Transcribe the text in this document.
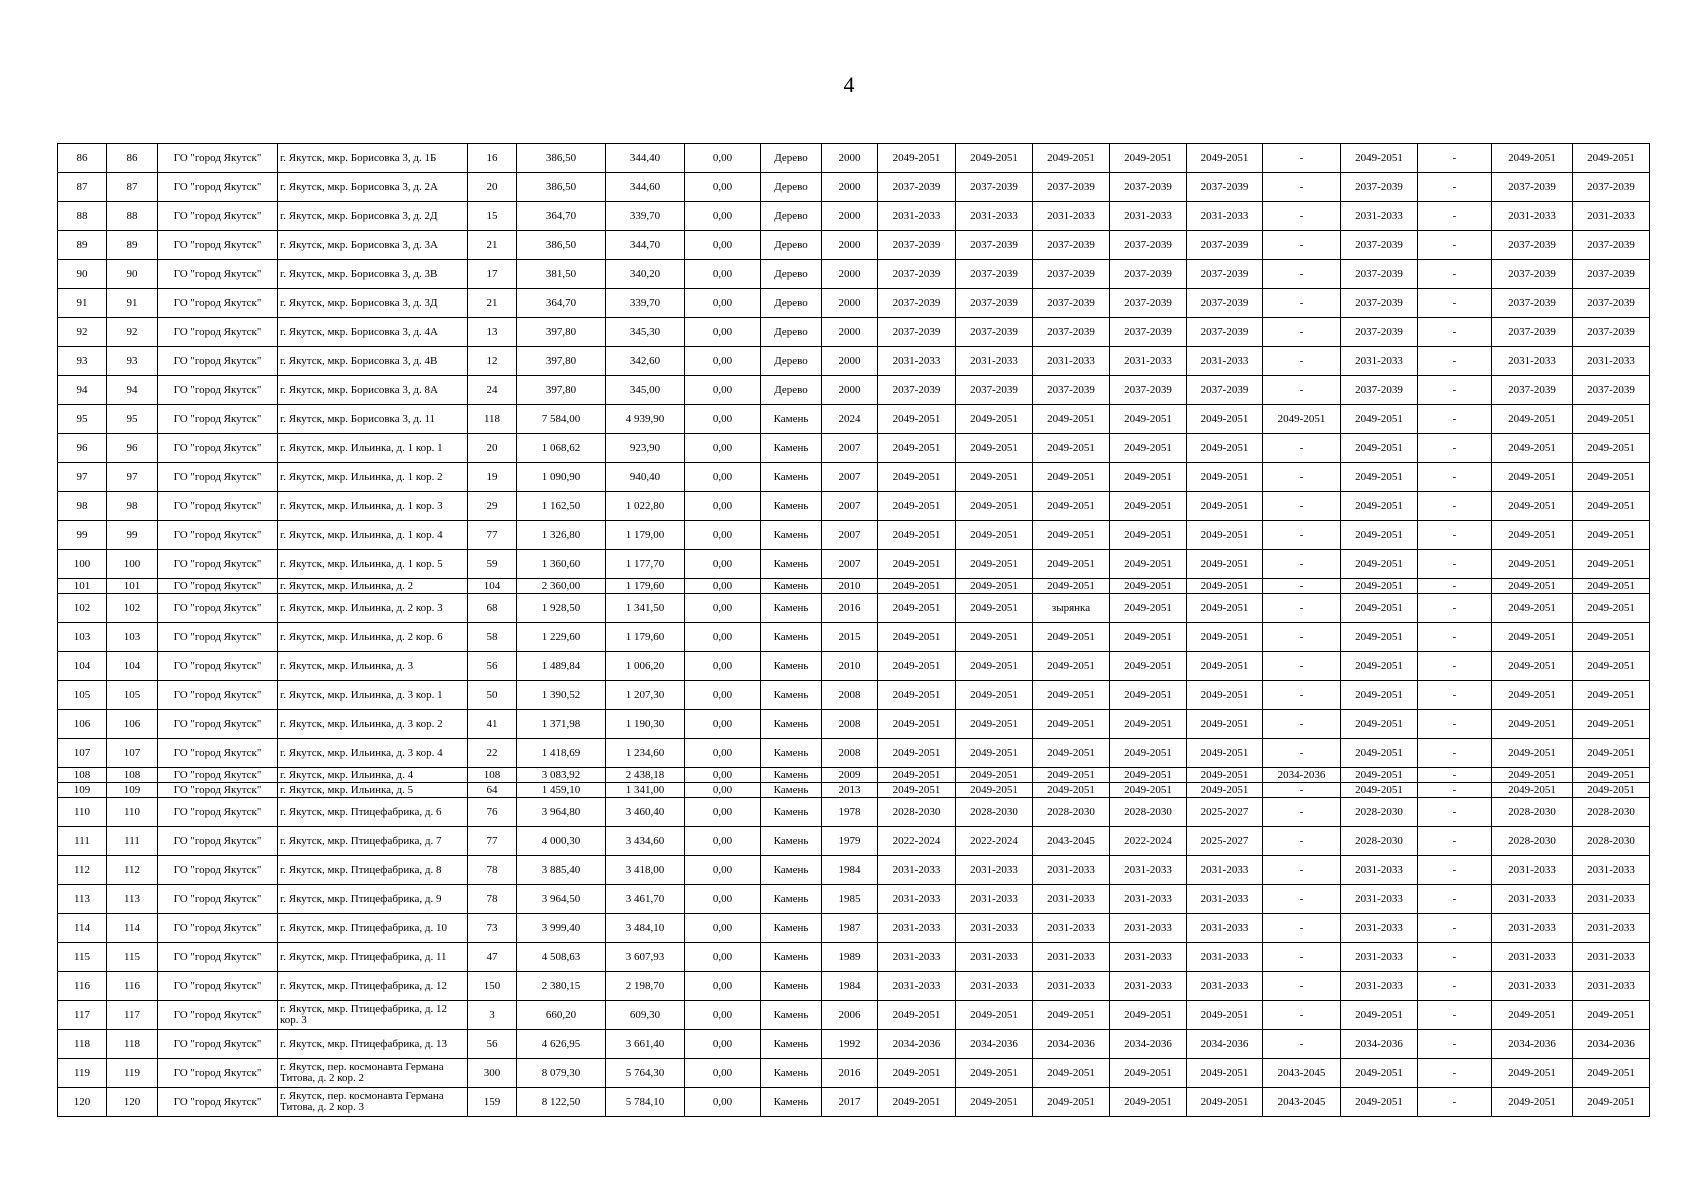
4
86	86	ГО "город Якутск"	г. Якутск, мкр. Борисовка 3, д. 1Б	16	386,50	344,40	0,00	Дерево	2000	2049-2051	2049-2051	2049-2051	2049-2051	2049-2051	-	2049-2051	-	2049-2051	2049-2051
87	87	ГО "город Якутск"	г. Якутск, мкр. Борисовка 3, д. 2А	20	386,50	344,60	0,00	Дерево	2000	2037-2039	2037-2039	2037-2039	2037-2039	2037-2039	-	2037-2039	-	2037-2039	2037-2039
88	88	ГО "город Якутск"	г. Якутск, мкр. Борисовка 3, д. 2Д	15	364,70	339,70	0,00	Дерево	2000	2031-2033	2031-2033	2031-2033	2031-2033	2031-2033	-	2031-2033	-	2031-2033	2031-2033
89	89	ГО "город Якутск"	г. Якутск, мкр. Борисовка 3, д. 3А	21	386,50	344,70	0,00	Дерево	2000	2037-2039	2037-2039	2037-2039	2037-2039	2037-2039	-	2037-2039	-	2037-2039	2037-2039
90	90	ГО "город Якутск"	г. Якутск, мкр. Борисовка 3, д. 3В	17	381,50	340,20	0,00	Дерево	2000	2037-2039	2037-2039	2037-2039	2037-2039	2037-2039	-	2037-2039	-	2037-2039	2037-2039
91	91	ГО "город Якутск"	г. Якутск, мкр. Борисовка 3, д. 3Д	21	364,70	339,70	0,00	Дерево	2000	2037-2039	2037-2039	2037-2039	2037-2039	2037-2039	-	2037-2039	-	2037-2039	2037-2039
92	92	ГО "город Якутск"	г. Якутск, мкр. Борисовка 3, д. 4А	13	397,80	345,30	0,00	Дерево	2000	2037-2039	2037-2039	2037-2039	2037-2039	2037-2039	-	2037-2039	-	2037-2039	2037-2039
93	93	ГО "город Якутск"	г. Якутск, мкр. Борисовка 3, д. 4В	12	397,80	342,60	0,00	Дерево	2000	2031-2033	2031-2033	2031-2033	2031-2033	2031-2033	-	2031-2033	-	2031-2033	2031-2033
94	94	ГО "город Якутск"	г. Якутск, мкр. Борисовка 3, д. 8А	24	397,80	345,00	0,00	Дерево	2000	2037-2039	2037-2039	2037-2039	2037-2039	2037-2039	-	2037-2039	-	2037-2039	2037-2039
95	95	ГО "город Якутск"	г. Якутск, мкр. Борисовка 3, д. 11	118	7 584,00	4 939,90	0,00	Камень	2024	2049-2051	2049-2051	2049-2051	2049-2051	2049-2051	2049-2051	2049-2051	-	2049-2051	2049-2051
96	96	ГО "город Якутск"	г. Якутск, мкр. Ильинка, д. 1 кор. 1	20	1 068,62	923,90	0,00	Камень	2007	2049-2051	2049-2051	2049-2051	2049-2051	2049-2051	-	2049-2051	-	2049-2051	2049-2051
97	97	ГО "город Якутск"	г. Якутск, мкр. Ильинка, д. 1 кор. 2	19	1 090,90	940,40	0,00	Камень	2007	2049-2051	2049-2051	2049-2051	2049-2051	2049-2051	-	2049-2051	-	2049-2051	2049-2051
98	98	ГО "город Якутск"	г. Якутск, мкр. Ильинка, д. 1 кор. 3	29	1 162,50	1 022,80	0,00	Камень	2007	2049-2051	2049-2051	2049-2051	2049-2051	2049-2051	-	2049-2051	-	2049-2051	2049-2051
99	99	ГО "город Якутск"	г. Якутск, мкр. Ильинка, д. 1 кор. 4	77	1 326,80	1 179,00	0,00	Камень	2007	2049-2051	2049-2051	2049-2051	2049-2051	2049-2051	-	2049-2051	-	2049-2051	2049-2051
100	100	ГО "город Якутск"	г. Якутск, мкр. Ильинка, д. 1 кор. 5	59	1 360,60	1 177,70	0,00	Камень	2007	2049-2051	2049-2051	2049-2051	2049-2051	2049-2051	-	2049-2051	-	2049-2051	2049-2051
101	101	ГО "город Якутск"	г. Якутск, мкр. Ильинка, д. 2	104	2 360,00	1 179,60	0,00	Камень	2010	2049-2051	2049-2051	2049-2051	2049-2051	2049-2051	-	2049-2051	-	2049-2051	2049-2051
102	102	ГО "город Якутск"	г. Якутск, мкр. Ильинка, д. 2 кор. 3	68	1 928,50	1 341,50	0,00	Камень	2016	2049-2051	2049-2051	зырянка	2049-2051	2049-2051	-	2049-2051	-	2049-2051	2049-2051
103	103	ГО "город Якутск"	г. Якутск, мкр. Ильинка, д. 2 кор. 6	58	1 229,60	1 179,60	0,00	Камень	2015	2049-2051	2049-2051	2049-2051	2049-2051	2049-2051	-	2049-2051	-	2049-2051	2049-2051
104	104	ГО "город Якутск"	г. Якутск, мкр. Ильинка, д. 3	56	1 489,84	1 006,20	0,00	Камень	2010	2049-2051	2049-2051	2049-2051	2049-2051	2049-2051	-	2049-2051	-	2049-2051	2049-2051
105	105	ГО "город Якутск"	г. Якутск, мкр. Ильинка, д. 3 кор. 1	50	1 390,52	1 207,30	0,00	Камень	2008	2049-2051	2049-2051	2049-2051	2049-2051	2049-2051	-	2049-2051	-	2049-2051	2049-2051
106	106	ГО "город Якутск"	г. Якутск, мкр. Ильинка, д. 3 кор. 2	41	1 371,98	1 190,30	0,00	Камень	2008	2049-2051	2049-2051	2049-2051	2049-2051	2049-2051	-	2049-2051	-	2049-2051	2049-2051
107	107	ГО "город Якутск"	г. Якутск, мкр. Ильинка, д. 3 кор. 4	22	1 418,69	1 234,60	0,00	Камень	2008	2049-2051	2049-2051	2049-2051	2049-2051	2049-2051	-	2049-2051	-	2049-2051	2049-2051
108	108	ГО "город Якутск"	г. Якутск, мкр. Ильинка, д. 4	108	3 083,92	2 438,18	0,00	Камень	2009	2049-2051	2049-2051	2049-2051	2049-2051	2049-2051	2034-2036	2049-2051	-	2049-2051	2049-2051
109	109	ГО "город Якутск"	г. Якутск, мкр. Ильинка, д. 5	64	1 459,10	1 341,00	0,00	Камень	2013	2049-2051	2049-2051	2049-2051	2049-2051	2049-2051	-	2049-2051	-	2049-2051	2049-2051
110	110	ГО "город Якутск"	г. Якутск, мкр. Птицефабрика, д. 6	76	3 964,80	3 460,40	0,00	Камень	1978	2028-2030	2028-2030	2028-2030	2028-2030	2025-2027	-	2028-2030	-	2028-2030	2028-2030
111	111	ГО "город Якутск"	г. Якутск, мкр. Птицефабрика, д. 7	77	4 000,30	3 434,60	0,00	Камень	1979	2022-2024	2022-2024	2043-2045	2022-2024	2025-2027	-	2028-2030	-	2028-2030	2028-2030
112	112	ГО "город Якутск"	г. Якутск, мкр. Птицефабрика, д. 8	78	3 885,40	3 418,00	0,00	Камень	1984	2031-2033	2031-2033	2031-2033	2031-2033	2031-2033	-	2031-2033	-	2031-2033	2031-2033
113	113	ГО "город Якутск"	г. Якутск, мкр. Птицефабрика, д. 9	78	3 964,50	3 461,70	0,00	Камень	1985	2031-2033	2031-2033	2031-2033	2031-2033	2031-2033	-	2031-2033	-	2031-2033	2031-2033
114	114	ГО "город Якутск"	г. Якутск, мкр. Птицефабрика, д. 10	73	3 999,40	3 484,10	0,00	Камень	1987	2031-2033	2031-2033	2031-2033	2031-2033	2031-2033	-	2031-2033	-	2031-2033	2031-2033
115	115	ГО "город Якутск"	г. Якутск, мкр. Птицефабрика, д. 11	47	4 508,63	3 607,93	0,00	Камень	1989	2031-2033	2031-2033	2031-2033	2031-2033	2031-2033	-	2031-2033	-	2031-2033	2031-2033
116	116	ГО "город Якутск"	г. Якутск, мкр. Птицефабрика, д. 12	150	2 380,15	2 198,70	0,00	Камень	1984	2031-2033	2031-2033	2031-2033	2031-2033	2031-2033	-	2031-2033	-	2031-2033	2031-2033
117	117	ГО "город Якутск"	г. Якутск, мкр. Птицефабрика, д. 12 кор. 3	3	660,20	609,30	0,00	Камень	2006	2049-2051	2049-2051	2049-2051	2049-2051	2049-2051	-	2049-2051	-	2049-2051	2049-2051
118	118	ГО "город Якутск"	г. Якутск, мкр. Птицефабрика, д. 13	56	4 626,95	3 661,40	0,00	Камень	1992	2034-2036	2034-2036	2034-2036	2034-2036	2034-2036	-	2034-2036	-	2034-2036	2034-2036
119	119	ГО "город Якутск"	г. Якутск, пер. космонавта Германа Титова, д. 2 кор. 2	300	8 079,30	5 764,30	0,00	Камень	2016	2049-2051	2049-2051	2049-2051	2049-2051	2049-2051	2043-2045	2049-2051	-	2049-2051	2049-2051
120	120	ГО "город Якутск"	г. Якутск, пер. космонавта Германа Титова, д. 2 кор. 3	159	8 122,50	5 784,10	0,00	Камень	2017	2049-2051	2049-2051	2049-2051	2049-2051	2049-2051	2043-2045	2049-2051	-	2049-2051	2049-2051
